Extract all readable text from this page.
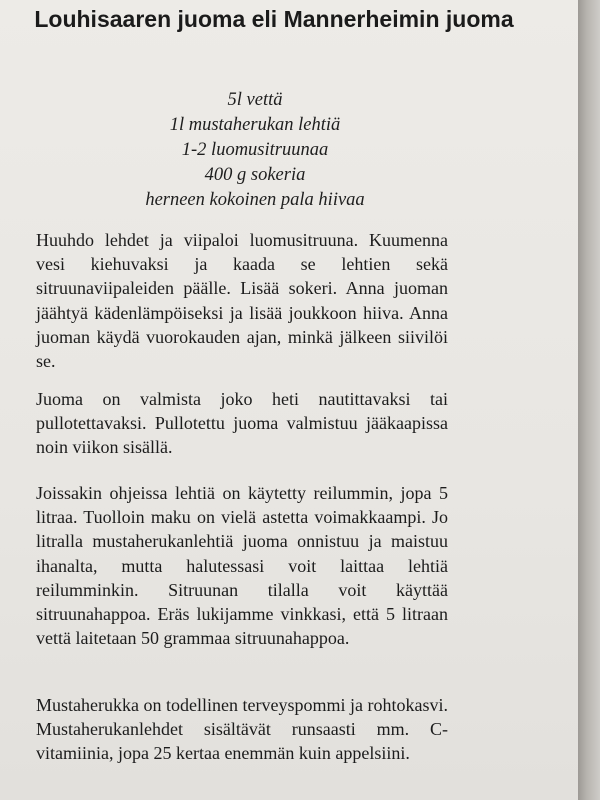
Louhisaaren juoma eli Mannerheimin juoma
5l vettä
1l mustaherukan lehtiä
1-2 luomusitruunaa
400 g sokeria
herneen kokoinen pala hiivaa

Huuhdo lehdet ja viipaloi luomusitruuna. Kuumenna vesi kiehuvaksi ja kaada se lehtien sekä sitruunaviipaleiden päälle. Lisää sokeri. Anna juoman jäähtyä kädenlämpöiseksi ja lisää joukkoon hiiva. Anna juoman käydä vuorokauden ajan, minkä jälkeen siivilöi se.

Juoma on valmista joko heti nautittavaksi tai pullotettavaksi. Pullotettu juoma valmistuu jääkaapissa noin viikon sisällä.

Joissakin ohjeissa lehtiä on käytetty reilummin, jopa 5 litraa. Tuolloin maku on vielä astetta voimakkaampi. Jo litralla mustaherukanlehtiä juoma onnistuu ja maistuu ihanalta, mutta halutessasi voit laittaa lehtiä reilumminkin. Sitruunan tilalla voit käyttää sitruunahappoa. Eräs lukijamme vinkkasi, että 5 litraan vettä laitetaan 50 grammaa sitruunahappoa.

Mustaherukka on todellinen terveyspommi ja rohtokasvi. Mustaherukanlehdet sisältävät runsaasti mm. C-vitamiinia, jopa 25 kertaa enemmän kuin appelsiini.
